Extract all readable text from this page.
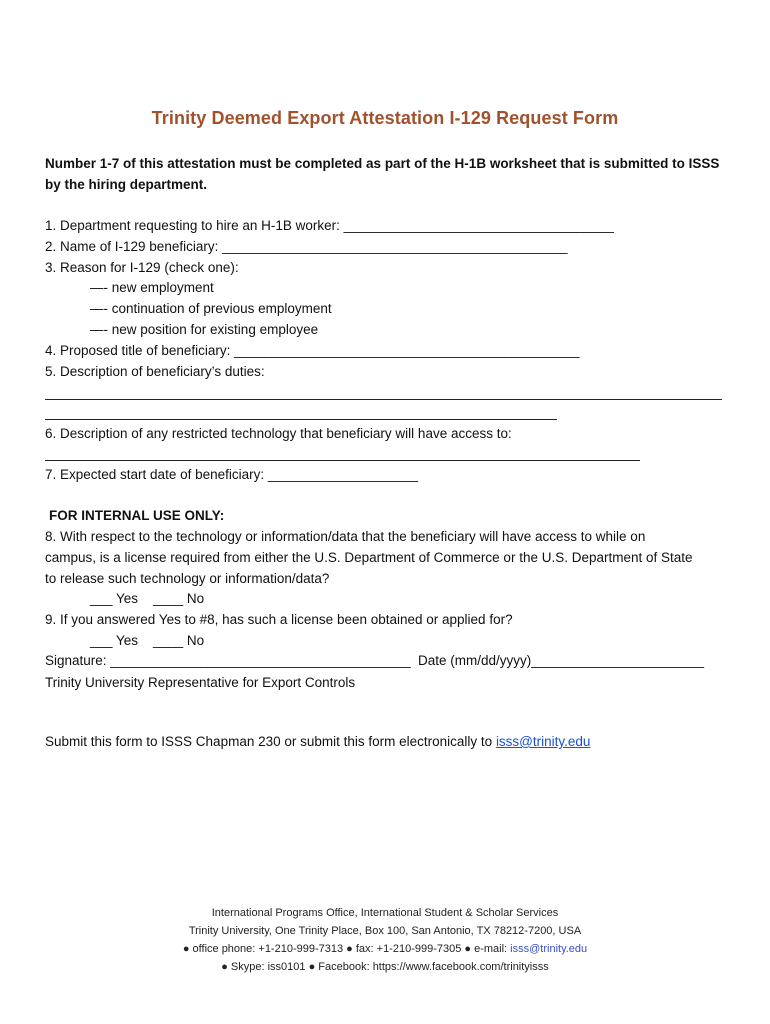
Trinity Deemed Export Attestation I-129 Request Form
Number 1-7 of this attestation must be completed as part of the H-1B worksheet that is submitted to ISSS
by the hiring department.
1. Department requesting to hire an H-1B worker: ____________________________________
2. Name of I-129 beneficiary: ______________________________________________
3. Reason for I-129 (check one):
—- new employment
—- continuation of previous employment
—- new position for existing employee
4. Proposed title of beneficiary: ______________________________________________
5. Description of beneficiary’s duties:
6. Description of any restricted technology that beneficiary will have access to:
7. Expected start date of beneficiary: ____________________
FOR INTERNAL USE ONLY:
8. With respect to the technology or information/data that the beneficiary will have access to while on
campus, is a license required from either the U.S. Department of Commerce or the U.S. Department of State
to release such technology or information/data?
___ Yes    ____ No
9. If you answered Yes to #8, has such a license been obtained or applied for?
___ Yes    ____ No
Signature: ________________________________________ Date (mm/dd/yyyy)_______________________
Trinity University Representative for Export Controls
Submit this form to ISSS Chapman 230 or submit this form electronically to isss@trinity.edu
International Programs Office, International Student & Scholar Services
Trinity University, One Trinity Place, Box 100, San Antonio, TX 78212-7200, USA
● office phone: +1-210-999-7313 ● fax: +1-210-999-7305 ● e-mail: isss@trinity.edu
● Skype: iss0101 ● Facebook: https://www.facebook.com/trinityisss
